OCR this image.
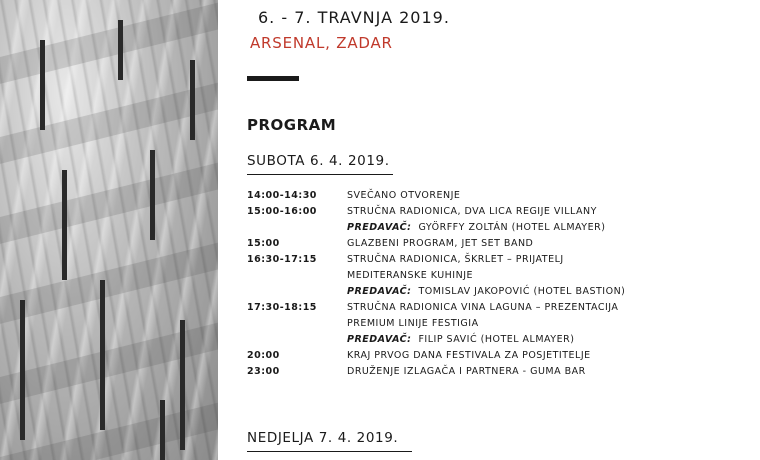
6. - 7. TRAVNJA 2019.
ARSENAL, ZADAR
PROGRAM
SUBOTA 6. 4. 2019.
14:00-14:30	SVEČANO OTVORENJE
15:00-16:00	STRUČNA RADIONICA, DVA LICA REGIJE VILLANY
PREDAVAČ: GYÖRFFY ZOLTÁN (HOTEL ALMAYER)
15:00	GLAZBENI PROGRAM, JET SET BAND
16:30-17:15	STRUČNA RADIONICA, ŠKRLET – PRIJATELJ
MEDITERANSKE KUHINJE
PREDAVAČ: TOMISLAV JAKOPOVIĆ (HOTEL BASTION)
17:30-18:15	STRUČNA RADIONICA VINA LAGUNA – PREZENTACIJA
PREMIUM LINIJE FESTIGIA
PREDAVAČ: FILIP SAVIĆ (HOTEL ALMAYER)
20:00	KRAJ PRVOG DANA FESTIVALA ZA POSJETITELJE
23:00	DRUŽENJE IZLAGAČA I PARTNERA - GUMA BAR
NEDJELJA 7. 4. 2019.
